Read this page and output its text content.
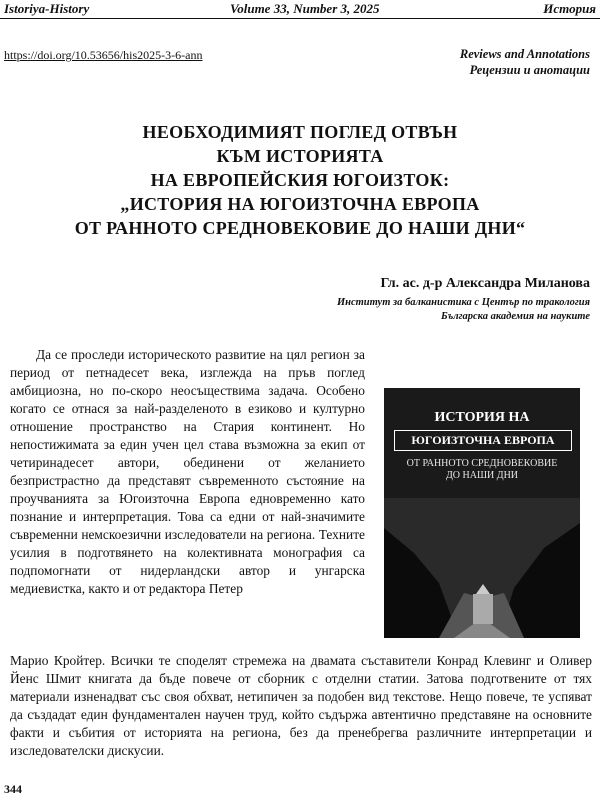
Istoriya-History	Volume 33, Number 3, 2025	История
https://doi.org/10.53656/his2025-3-6-ann	Reviews and Annotations
Рецензии и анотации
НЕОБХОДИМИЯТ ПОГЛЕД ОТВЪН
КЪМ ИСТОРИЯТА
НА ЕВРОПЕЙСКИЯ ЮГОИЗТОК:
„ИСТОРИЯ НА ЮГОИЗТОЧНА ЕВРОПА
ОТ РАННОТО СРЕДНОВЕКОВИЕ ДО НАШИ ДНИ“
Гл. ас. д-р Александра Миланова
Институт за балканистика с Център по тракология
Българска академия на науките

Да се проследи историческото развитие на цял регион за период от петнадесет века, изглежда на пръв поглед амбициозна, но по-скоро неосъществима задача. Особено когато се отнася за най-разделеното в езиково и културно отношение пространство на Стария континент. Но непостижимата за един учен цел става възможна за екип от четиринадесет автори, обединени от желанието безпристрастно да представят съвременното състояние на проучванията за Югоизточна Европа едновременно като познание и интерпретация. Това са едни от най-значимите съвременни немскоезични изследователи на региона. Техните усилия в подготвянето на колективната монография са подпомогнати от нидерландски автор и унгарска медиевистка, както и от редактора Петер

ИСТОРИЯ НА
ЮГОИЗТОЧНА ЕВРОПА
ОТ РАННОТО СРЕДНОВЕКОВИЕ
ДО НАШИ ДНИ
Марио Кройтер. Всички те споделят стремежа на двамата съставители Конрад Клевинг и Оливер Йенс Шмит книгата да бъде повече от сборник с отделни статии. Затова подготвените от тях материали изненадват със своя обхват, нетипичен за подобен вид текстове. Нещо повече, те успяват да създадат един фундаментален научен труд, който съдържа автентично представяне на основните факти и събития от историята на региона, без да пренебрегва различните интерпретации и изследователски дискусии.
344
